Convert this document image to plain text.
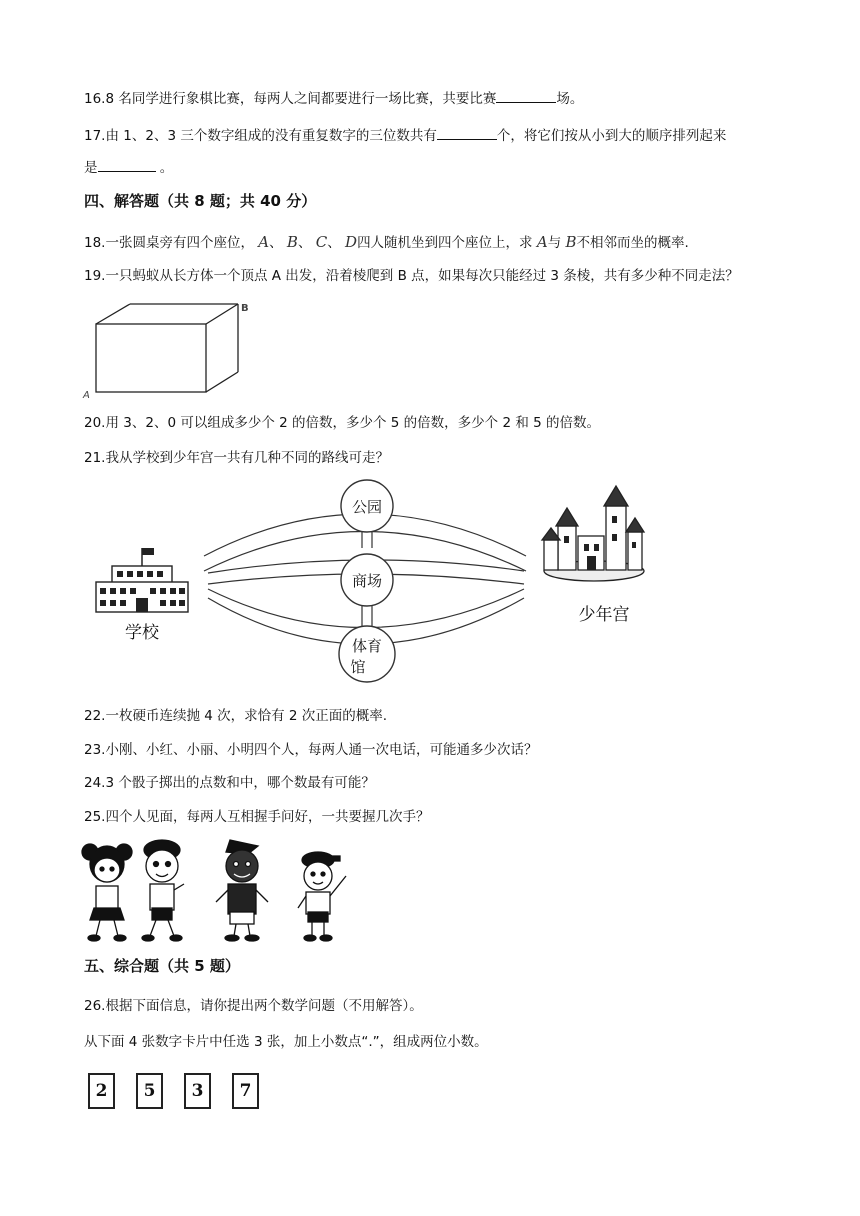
16.8 名同学进行象棋比赛，每两人之间都要进行一场比赛，共要比赛	场。
17.由 1、2、3 三个数字组成的没有重复数字的三位数共有	个，将它们按从小到大的顺序排列起来
是	。
四、解答题（共 8 题；共 40 分）
18.一张圆桌旁有四个座位， A、 B、 C、 D四人随机坐到四个座位上，求 A与 B不相邻而坐的概率.
19.一只蚂蚁从长方体一个顶点 A 出发，沿着棱爬到 B 点，如果每次只能经过 3 条棱，共有多少种不同走法？
A
B
20.用 3、2、0 可以组成多少个 2 的倍数，多少个 5 的倍数，多少个 2 和 5 的倍数。
21.我从学校到少年宫一共有几种不同的路线可走？
公园
商场
体育
馆
学校
少年宫
22.一枚硬币连续抛 4 次，求恰有 2 次正面的概率.
23.小刚、小红、小丽、小明四个人，每两人通一次电话，可能通多少次话？
24.3 个骰子掷出的点数和中，哪个数最有可能？
25.四个人见面，每两人互相握手问好，一共要握几次手？
五、综合题（共 5 题）
26.根据下面信息，请你提出两个数学问题（不用解答）。
从下面 4 张数字卡片中任选 3 张，加上小数点“.”，组成两位小数。
2	5	3	7
